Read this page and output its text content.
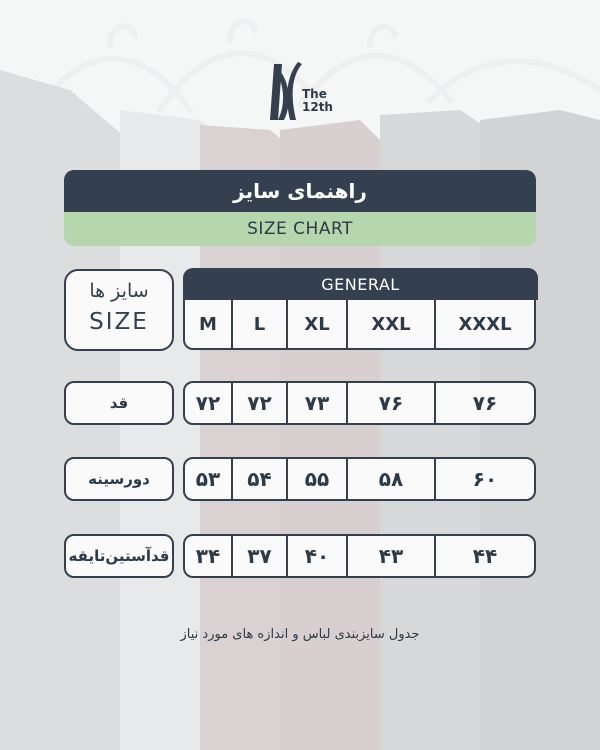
The
12th
راهنمای سایز
SIZE CHART
سایز ها
SIZE
GENERAL
M	L	XL	XXL	XXXL
قد	۷۲	۷۲	۷۳	۷۶	۷۶
دورسینه	۵۳	۵۴	۵۵	۵۸	۶۰
قدآستین‌تایقه	۳۴	۳۷	۴۰	۴۳	۴۴
جدول سایزبندی لباس و اندازه های مورد نیاز
